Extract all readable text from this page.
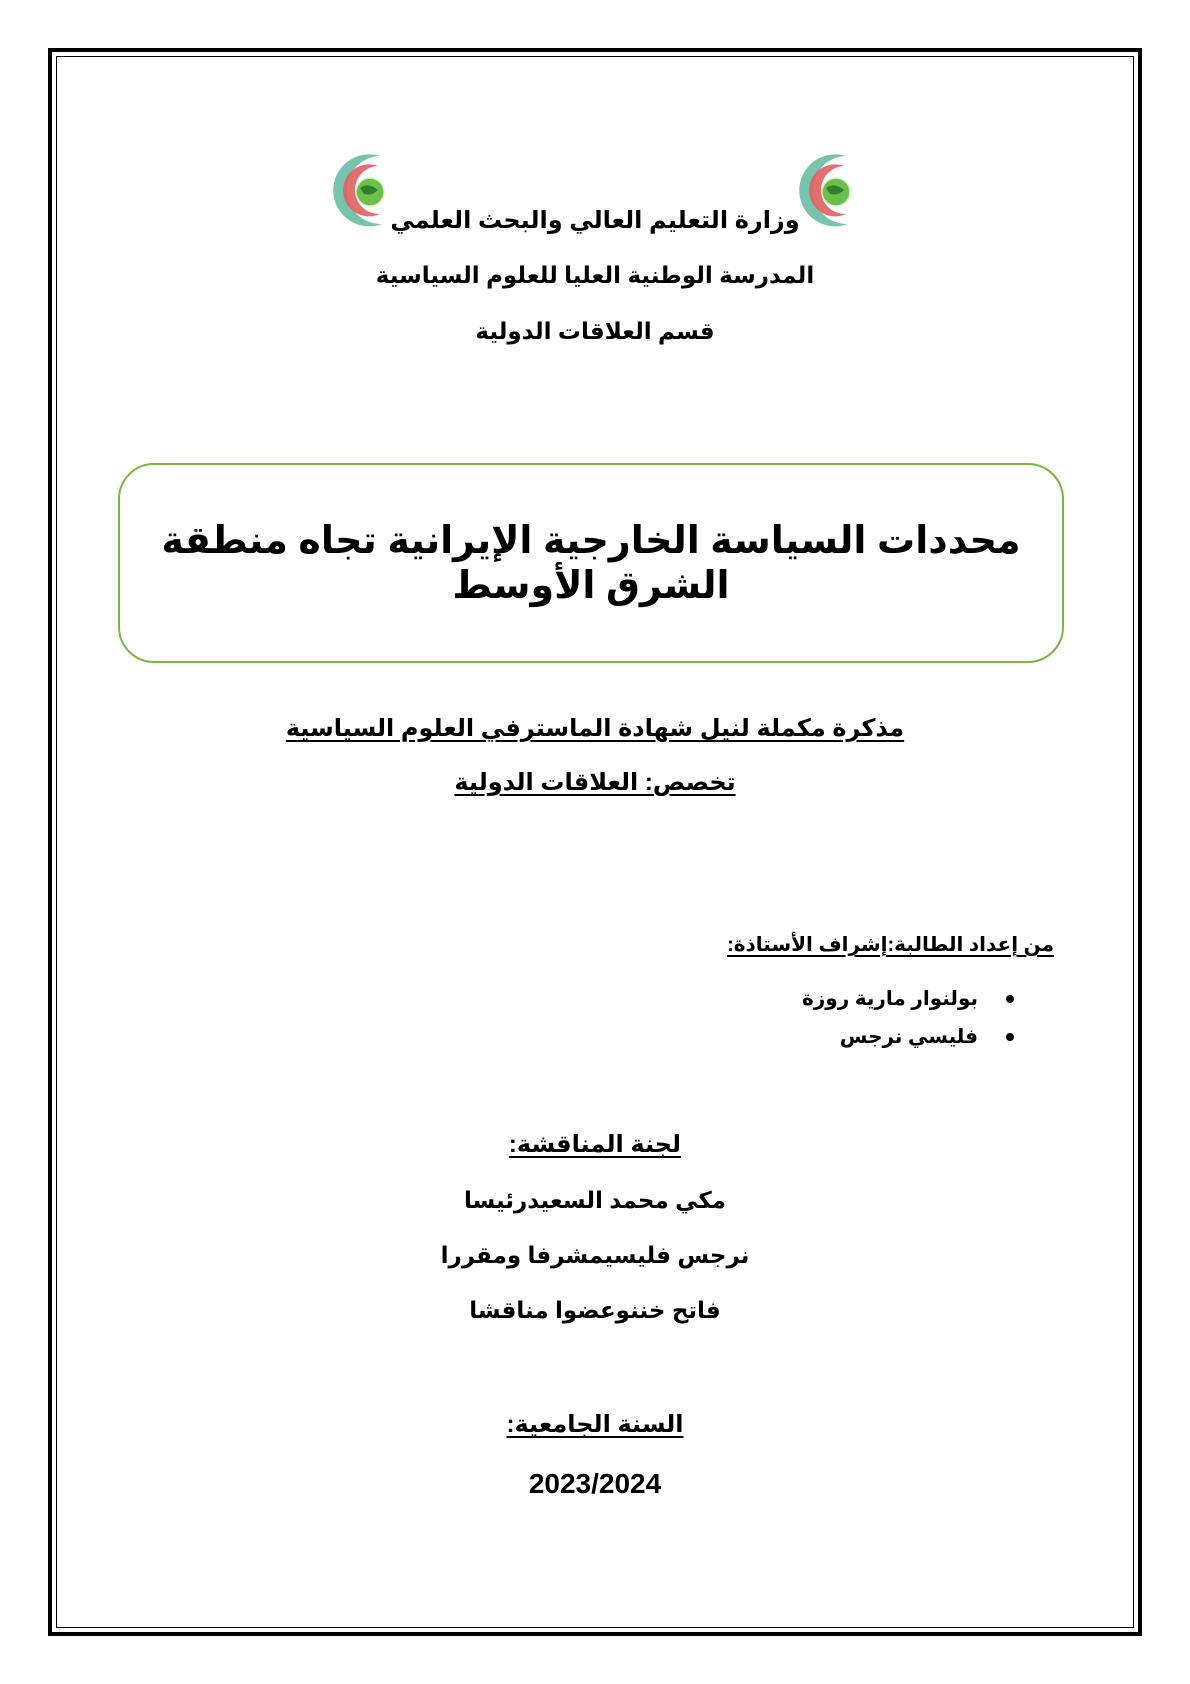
وزارة التعليم العالي والبحث العلمي
المدرسة الوطنية العليا للعلوم السياسية
قسم العلاقات الدولية
محددات السياسة الخارجية الإيرانية تجاه منطقة الشرق الأوسط
مذكرة مكملة لنيل شهادة الماسترفي العلوم السياسية
تخصص: العلاقات الدولية
من إعداد الطالبة:إشراف الأستاذة:
بولنوار مارية روزة
فليسي نرجس
لجنة المناقشة:
مكي محمد السعيدرئيسا
نرجس فليسيمشرفا ومقررا
فاتح خننوعضوا مناقشا
السنة الجامعية:
2023/2024
